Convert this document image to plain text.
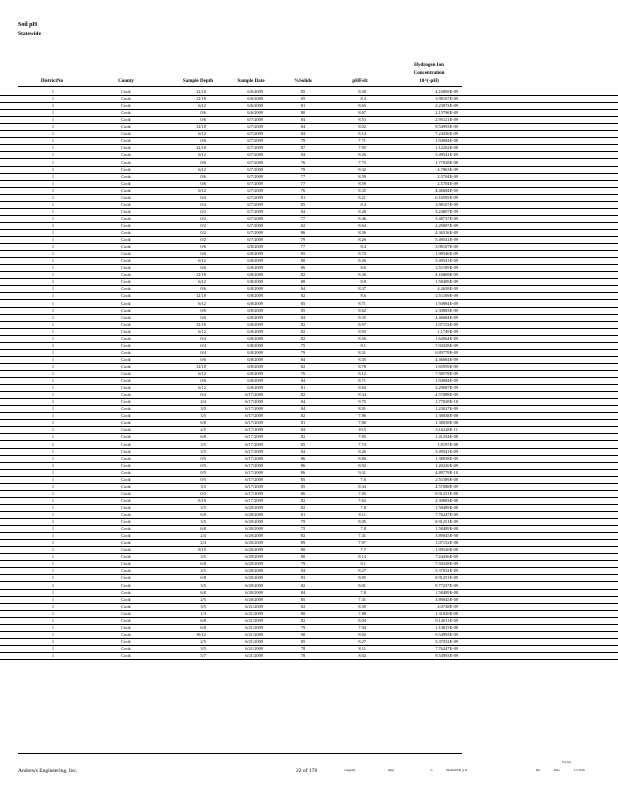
Soil pH
Statewide
DistrictNo	County	Sample Depth	Sample Date	%Solids	pHFsIt
Hydrogen Ion
Concentration
10^(-pH)
1	Cook	12/18	6/6/2009	85	8.38	4.16869E-09
1	Cook	12/18	6/6/2009	85	8.4	3.98107E-09
1	Cook	6/12	6/6/2009	81	8.65	2.23872E-09
1	Cook	0/6	6/6/2009	80	8.67	2.13796E-09
1	Cook	0/6	6/7/2009	84	8.53	2.95121E-09
1	Cook	12/18	6/7/2009	84	8.02	9.54993E-09
1	Cook	6/12	6/7/2009	84	8.14	7.24436E-09
1	Cook	0/6	6/7/2009	79	7.71	1.94984E-08
1	Cook	12/18	6/7/2009	87	7.95	1.12202E-08
1	Cook	6/12	6/7/2009	84	8.26	5.49541E-09
1	Cook	0/6	6/7/2009	76	7.75	1.77828E-08
1	Cook	6/12	6/7/2009	79	8.32	4.7863E-09
1	Cook	0/6	6/7/2009	77	8.59	2.5704E-09
1	Cook	0/6	6/7/2009	77	8.59	2.5704E-09
1	Cook	6/12	6/7/2009	76	8.35	4.46684E-09
1	Cook	0/4	6/7/2009	81	8.21	6.16595E-09
1	Cook	0/4	6/7/2009	85	8.4	3.98107E-09
1	Cook	0/2	6/7/2009	84	8.28	5.24807E-09
1	Cook	0/2	6/7/2009	77	8.46	3.46737E-09
1	Cook	0/2	6/7/2009	82	8.64	2.29087E-09
1	Cook	0/2	6/7/2009	86	8.36	4.36516E-09
1	Cook	0/2	6/7/2009	79	8.26	5.49541E-09
1	Cook	0/6	6/8/2009	77	8.4	3.98107E-09
1	Cook	0/6	6/8/2009	85	8.72	1.90546E-09
1	Cook	6/12	6/8/2009	80	8.26	5.49541E-09
1	Cook	0/6	6/8/2009	86	8.6	2.51189E-09
1	Cook	12/18	6/8/2009	82	8.38	4.16869E-09
1	Cook	6/12	6/8/2009	88	8.8	1.58489E-09
1	Cook	0/6	6/8/2009	84	8.37	4.2658E-09
1	Cook	12/18	6/8/2009	82	8.6	2.51189E-09
1	Cook	6/12	6/8/2009	85	8.71	1.94984E-09
1	Cook	0/6	6/8/2009	85	8.62	2.39883E-09
1	Cook	0/6	6/8/2009	84	8.35	4.46684E-09
1	Cook	12/18	6/8/2009	82	8.97	1.07152E-09
1	Cook	6/12	6/8/2009	82	8.93	1.1749E-09
1	Cook	0/4	6/8/2009	82	8.56	1.64564E-09
1	Cook	0/4	6/8/2009	75	8.1	7.94328E-09
1	Cook	0/4	6/8/2009	79	8.31	6.89779E-09
1	Cook	0/6	6/8/2009	84	8.35	4.46684E-09
1	Cook	12/18	6/8/2009	82	8.78	1.65959E-09
1	Cook	6/12	6/8/2009	76	8.12	7.58578E-09
1	Cook	0/6	6/8/2009	84	8.71	1.94984E-09
1	Cook	6/12	6/8/2009	81	8.64	2.29087E-09
1	Cook	0/4	6/17/2009	82	8.34	4.57088E-09
1	Cook	2/4	6/17/2009	84	9.75	1.77828E-10
1	Cook	3/5	6/17/2009	84	8.91	1.23027E-09
1	Cook	3/5	6/17/2009	82	7.86	1.38038E-08
1	Cook	6/8	6/17/2009	81	7.86	1.38038E-08
1	Cook	2/5	6/17/2009	84	10.5	3.16228E-11
1	Cook	6/8	6/17/2009	82	7.85	1.41254E-08
1	Cook	3/5	6/17/2009	85	7.74	1.8197E-08
1	Cook	3/5	6/17/2009	84	8.26	5.49541E-09
1	Cook	0/5	6/17/2009	86	8.86	1.38038E-09
1	Cook	0/5	6/17/2009	86	8.92	1.20226E-09
1	Cook	0/5	6/17/2009	86	9.31	4.89779E-10
1	Cook	0/5	6/17/2009	85	7.6	2.51189E-08
1	Cook	3/5	6/17/2009	85	8.34	4.57088E-09
1	Cook	0/2	6/17/2009	86	7.05	8.91251E-08
1	Cook	8/10	6/17/2009	82	7.62	2.39883E-08
1	Cook	3/5	6/20/2009	82	7.8	1.58489E-08
1	Cook	6/8	6/20/2009	81	8.11	7.76247E-09
1	Cook	3/5	6/20/2009	79	8.05	8.91251E-09
1	Cook	6/8	6/20/2009	75	7.8	1.58489E-08
1	Cook	2/4	6/20/2009	82	7.41	3.89045E-08
1	Cook	2/4	6/20/2009	89	7.97	1.07152E-08
1	Cook	8/10	6/20/2009	80	7.7	1.99526E-08
1	Cook	3/5	6/20/2009	80	8.14	7.24436E-09
1	Cook	6/8	6/20/2009	79	8.1	7.94328E-09
1	Cook	3/5	6/20/2009	84	8.27	5.37032E-09
1	Cook	6/8	6/20/2009	83	8.05	8.91251E-09
1	Cook	3/5	6/20/2009	82	8.01	9.77237E-09
1	Cook	6/8	6/20/2009	84	7.8	1.58489E-08
1	Cook	2/5	6/20/2009	85	7.41	3.89045E-08
1	Cook	3/5	6/21/2009	82	8.39	4.0738E-09
1	Cook	1/3	6/21/2009	80	7.88	1.31826E-08
1	Cook	6/8	6/21/2009	82	8.04	9.12011E-09
1	Cook	6/8	6/21/2009	79	7.94	1.14815E-08
1	Cook	10/12	6/21/2009	90	8.02	9.54993E-09
1	Cook	2/5	6/21/2009	85	8.27	5.37032E-09
1	Cook	3/5	6/21/2009	78	8.11	7.76247E-09
1	Cook	5/7	6/21/2009	78	8.02	9.54993E-09
Andrews Engineering, Inc.	22 of 178	a legends	itdpu	to	fhtxlrt003\l0_p.bt	Pkr	Data	1/2 2016
f3 p kw
